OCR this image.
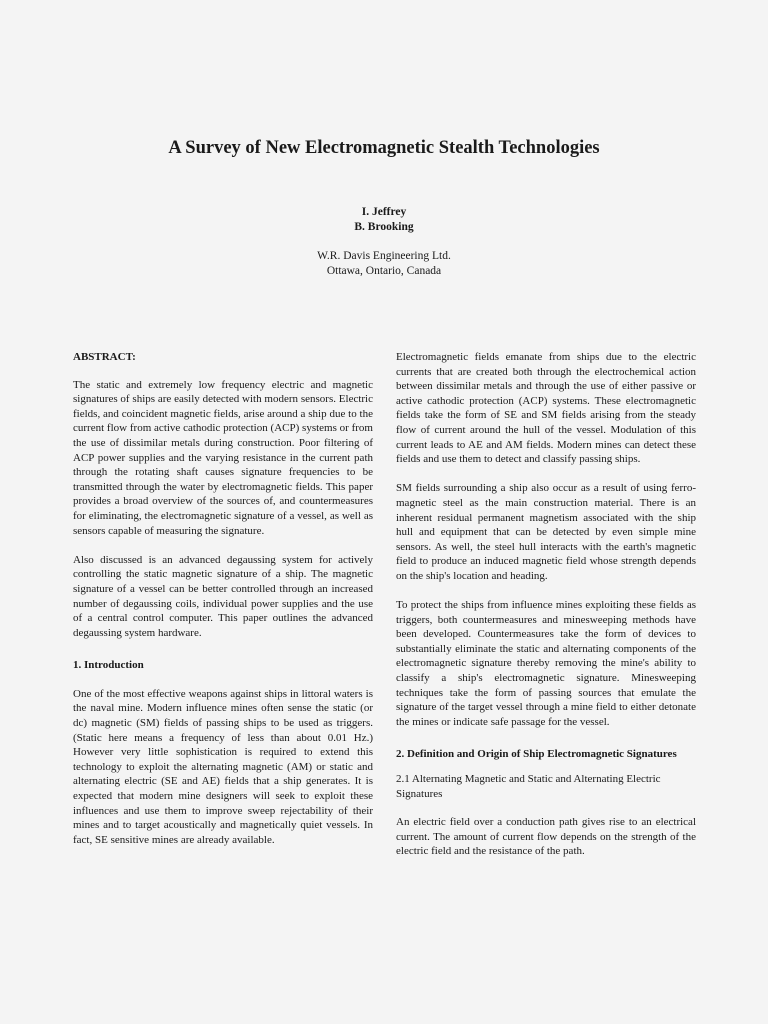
A Survey of New Electromagnetic Stealth Technologies
I. Jeffrey
B. Brooking
W.R. Davis Engineering Ltd.
Ottawa, Ontario, Canada
ABSTRACT:

The static and extremely low frequency electric and magnetic signatures of ships are easily detected with modern sensors. Electric fields, and coincident magnetic fields, arise around a ship due to the current flow from active cathodic protection (ACP) systems or from the use of dissimilar metals during construction. Poor filtering of ACP power supplies and the varying resistance in the current path through the rotating shaft causes signature frequencies to be transmitted through the water by electromagnetic fields. This paper provides a broad overview of the sources of, and countermeasures for eliminating, the electromagnetic signature of a vessel, as well as sensors capable of measuring the signature.

Also discussed is an advanced degaussing system for actively controlling the static magnetic signature of a ship. The magnetic signature of a vessel can be better controlled through an increased number of degaussing coils, individual power supplies and the use of a central control computer. This paper outlines the advanced degaussing system hardware.

1. Introduction

One of the most effective weapons against ships in littoral waters is the naval mine. Modern influence mines often sense the static (or dc) magnetic (SM) fields of passing ships to be used as triggers. (Static here means a frequency of less than about 0.01 Hz.) However very little sophistication is required to extend this technology to exploit the alternating magnetic (AM) or static and alternating electric (SE and AE) fields that a ship generates. It is expected that modern mine designers will seek to exploit these influences and use them to improve sweep rejectability of their mines and to target acoustically and magnetically quiet vessels. In fact, SE sensitive mines are already available.

Electromagnetic fields emanate from ships due to the electric currents that are created both through the electrochemical action between dissimilar metals and through the use of either passive or active cathodic protection (ACP) systems. These electromagnetic fields take the form of SE and SM fields arising from the steady flow of current around the hull of the vessel. Modulation of this current leads to AE and AM fields. Modern mines can detect these fields and use them to detect and classify passing ships.

SM fields surrounding a ship also occur as a result of using ferro-magnetic steel as the main construction material. There is an inherent residual permanent magnetism associated with the ship hull and equipment that can be detected by even simple mine sensors. As well, the steel hull interacts with the earth's magnetic field to produce an induced magnetic field whose strength depends on the ship's location and heading.

To protect the ships from influence mines exploiting these fields as triggers, both countermeasures and minesweeping methods have been developed. Countermeasures take the form of devices to substantially eliminate the static and alternating components of the electromagnetic signature thereby removing the mine's ability to classify a ship's electromagnetic signature. Minesweeping techniques take the form of passing sources that emulate the signature of the target vessel through a mine field to either detonate the mines or indicate safe passage for the vessel.

2. Definition and Origin of Ship Electromagnetic Signatures

2.1 Alternating Magnetic and Static and Alternating Electric Signatures

An electric field over a conduction path gives rise to an electrical current. The amount of current flow depends on the strength of the electric field and the resistance of the path.
